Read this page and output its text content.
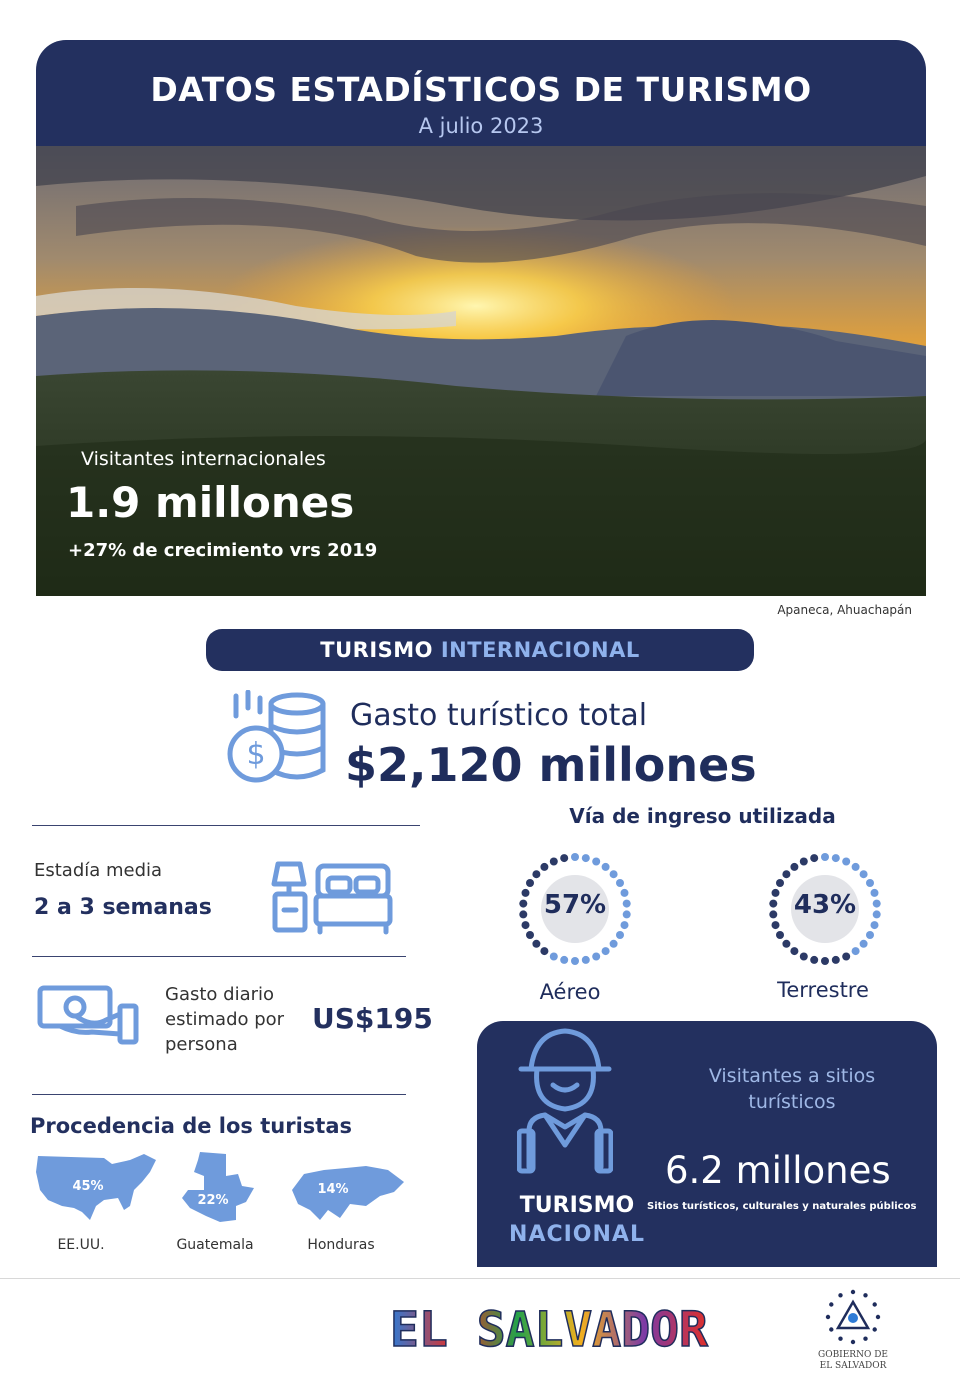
DATOS ESTADÍSTICOS DE TURISMO
A julio 2023
Visitantes internacionales
1.9 millones
+27% de crecimiento vrs 2019
Apaneca, Ahuachapán
TURISMO INTERNACIONAL
$
Gasto turístico total
$2,120 millones
Estadía media
2 a 3 semanas
Gasto diario estimado por persona
US$195
Procedencia de los turistas
45%
EE.UU.
22%
Guatemala
14%
Honduras
Vía de ingreso utilizada
57%
Aéreo
43%
Terrestre
TURISMO
NACIONAL
Visitantes a sitios turísticos
6.2 millones
Sitios turísticos, culturales y naturales públicos
EL SALVADOR	GOBIERNO DE
EL SALVADOR
